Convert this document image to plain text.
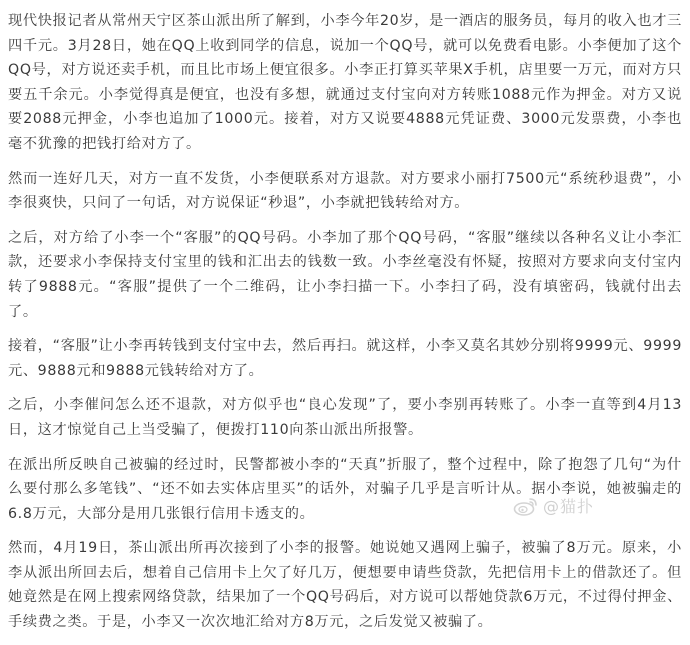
现代快报记者从常州天宁区茶山派出所了解到，小李今年20岁，是一酒店的服务员，每月的收入也才三四千元。3月28日，她在QQ上收到同学的信息，说加一个QQ号，就可以免费看电影。小李便加了这个QQ号，对方说还卖手机，而且比市场上便宜很多。小李正打算买苹果X手机，店里要一万元，而对方只要五千余元。小李觉得真是便宜，也没有多想，就通过支付宝向对方转账1088元作为押金。对方又说要2088元押金，小李也追加了1000元。接着，对方又说要4888元凭证费、3000元发票费，小李也毫不犹豫的把钱打给对方了。

然而一连好几天，对方一直不发货，小李便联系对方退款。对方要求小丽打7500元“系统秒退费”，小李很爽快，只问了一句话，对方说保证“秒退”，小李就把钱转给对方。

之后，对方给了小李一个“客服”的QQ号码。小李加了那个QQ号码，“客服”继续以各种名义让小李汇款，还要求小李保持支付宝里的钱和汇出去的钱数一致。小李丝毫没有怀疑，按照对方要求向支付宝内转了9888元。“客服”提供了一个二维码，让小李扫描一下。小李扫了码，没有填密码，钱就付出去了。

接着，“客服”让小李再转钱到支付宝中去，然后再扫。就这样，小李又莫名其妙分别将9999元、9999元、9888元和9888元钱转给对方了。

之后，小李催问怎么还不退款，对方似乎也“良心发现”了，要小李别再转账了。小李一直等到4月13日，这才惊觉自己上当受骗了，便拨打110向茶山派出所报警。

在派出所反映自己被骗的经过时，民警都被小李的“天真”折服了，整个过程中，除了抱怨了几句“为什么要付那么多笔钱”、“还不如去实体店里买”的话外，对骗子几乎是言听计从。据小李说，她被骗走的6.8万元，大部分是用几张银行信用卡透支的。

然而，4月19日，茶山派出所再次接到了小李的报警。她说她又遇网上骗子，被骗了8万元。原来，小李从派出所回去后，想着自己信用卡上欠了好几万，便想要申请些贷款，先把信用卡上的借款还了。但她竟然是在网上搜索网络贷款，结果加了一个QQ号码后，对方说可以帮她贷款6万元，不过得付押金、手续费之类。于是，小李又一次次地汇给对方8万元，之后发觉又被骗了。

@猫扑
